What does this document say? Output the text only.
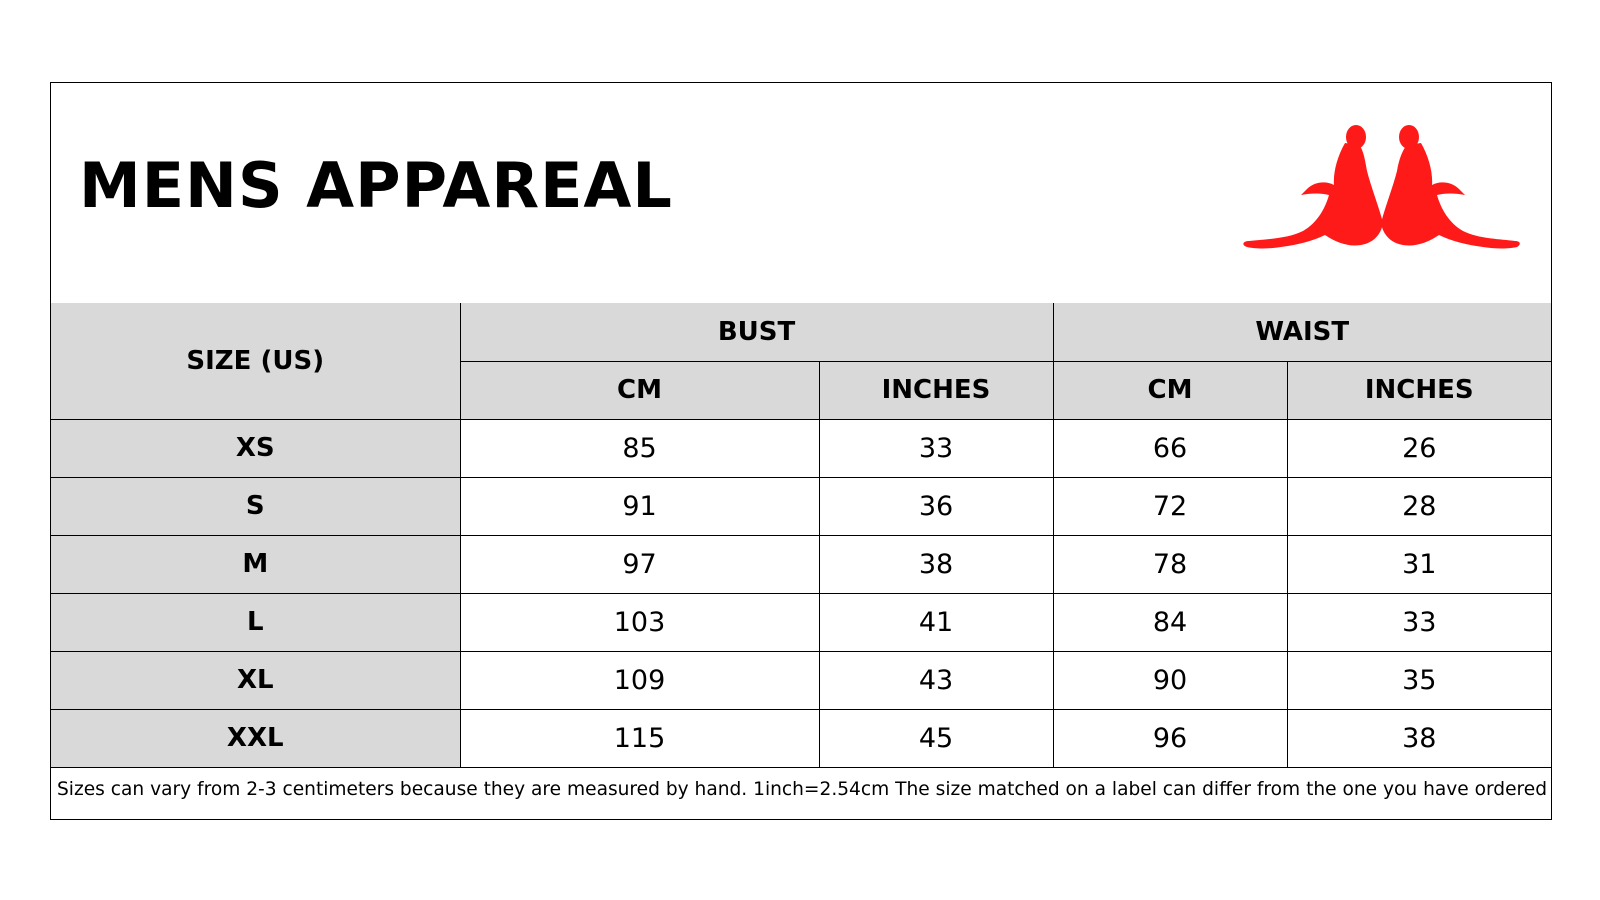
MENS APPAREAL
SIZE (US)	BUST		WAIST	
	CM	INCHES	CM	INCHES
XS	85	33	66	26
S	91	36	72	28
M	97	38	78	31
L	103	41	84	33
XL	109	43	90	35
XXL	115	45	96	38
Sizes can vary from 2-3 centimeters because they are measured by hand. 1inch=2.54cm The size matched on a label can differ from the one you have ordered
